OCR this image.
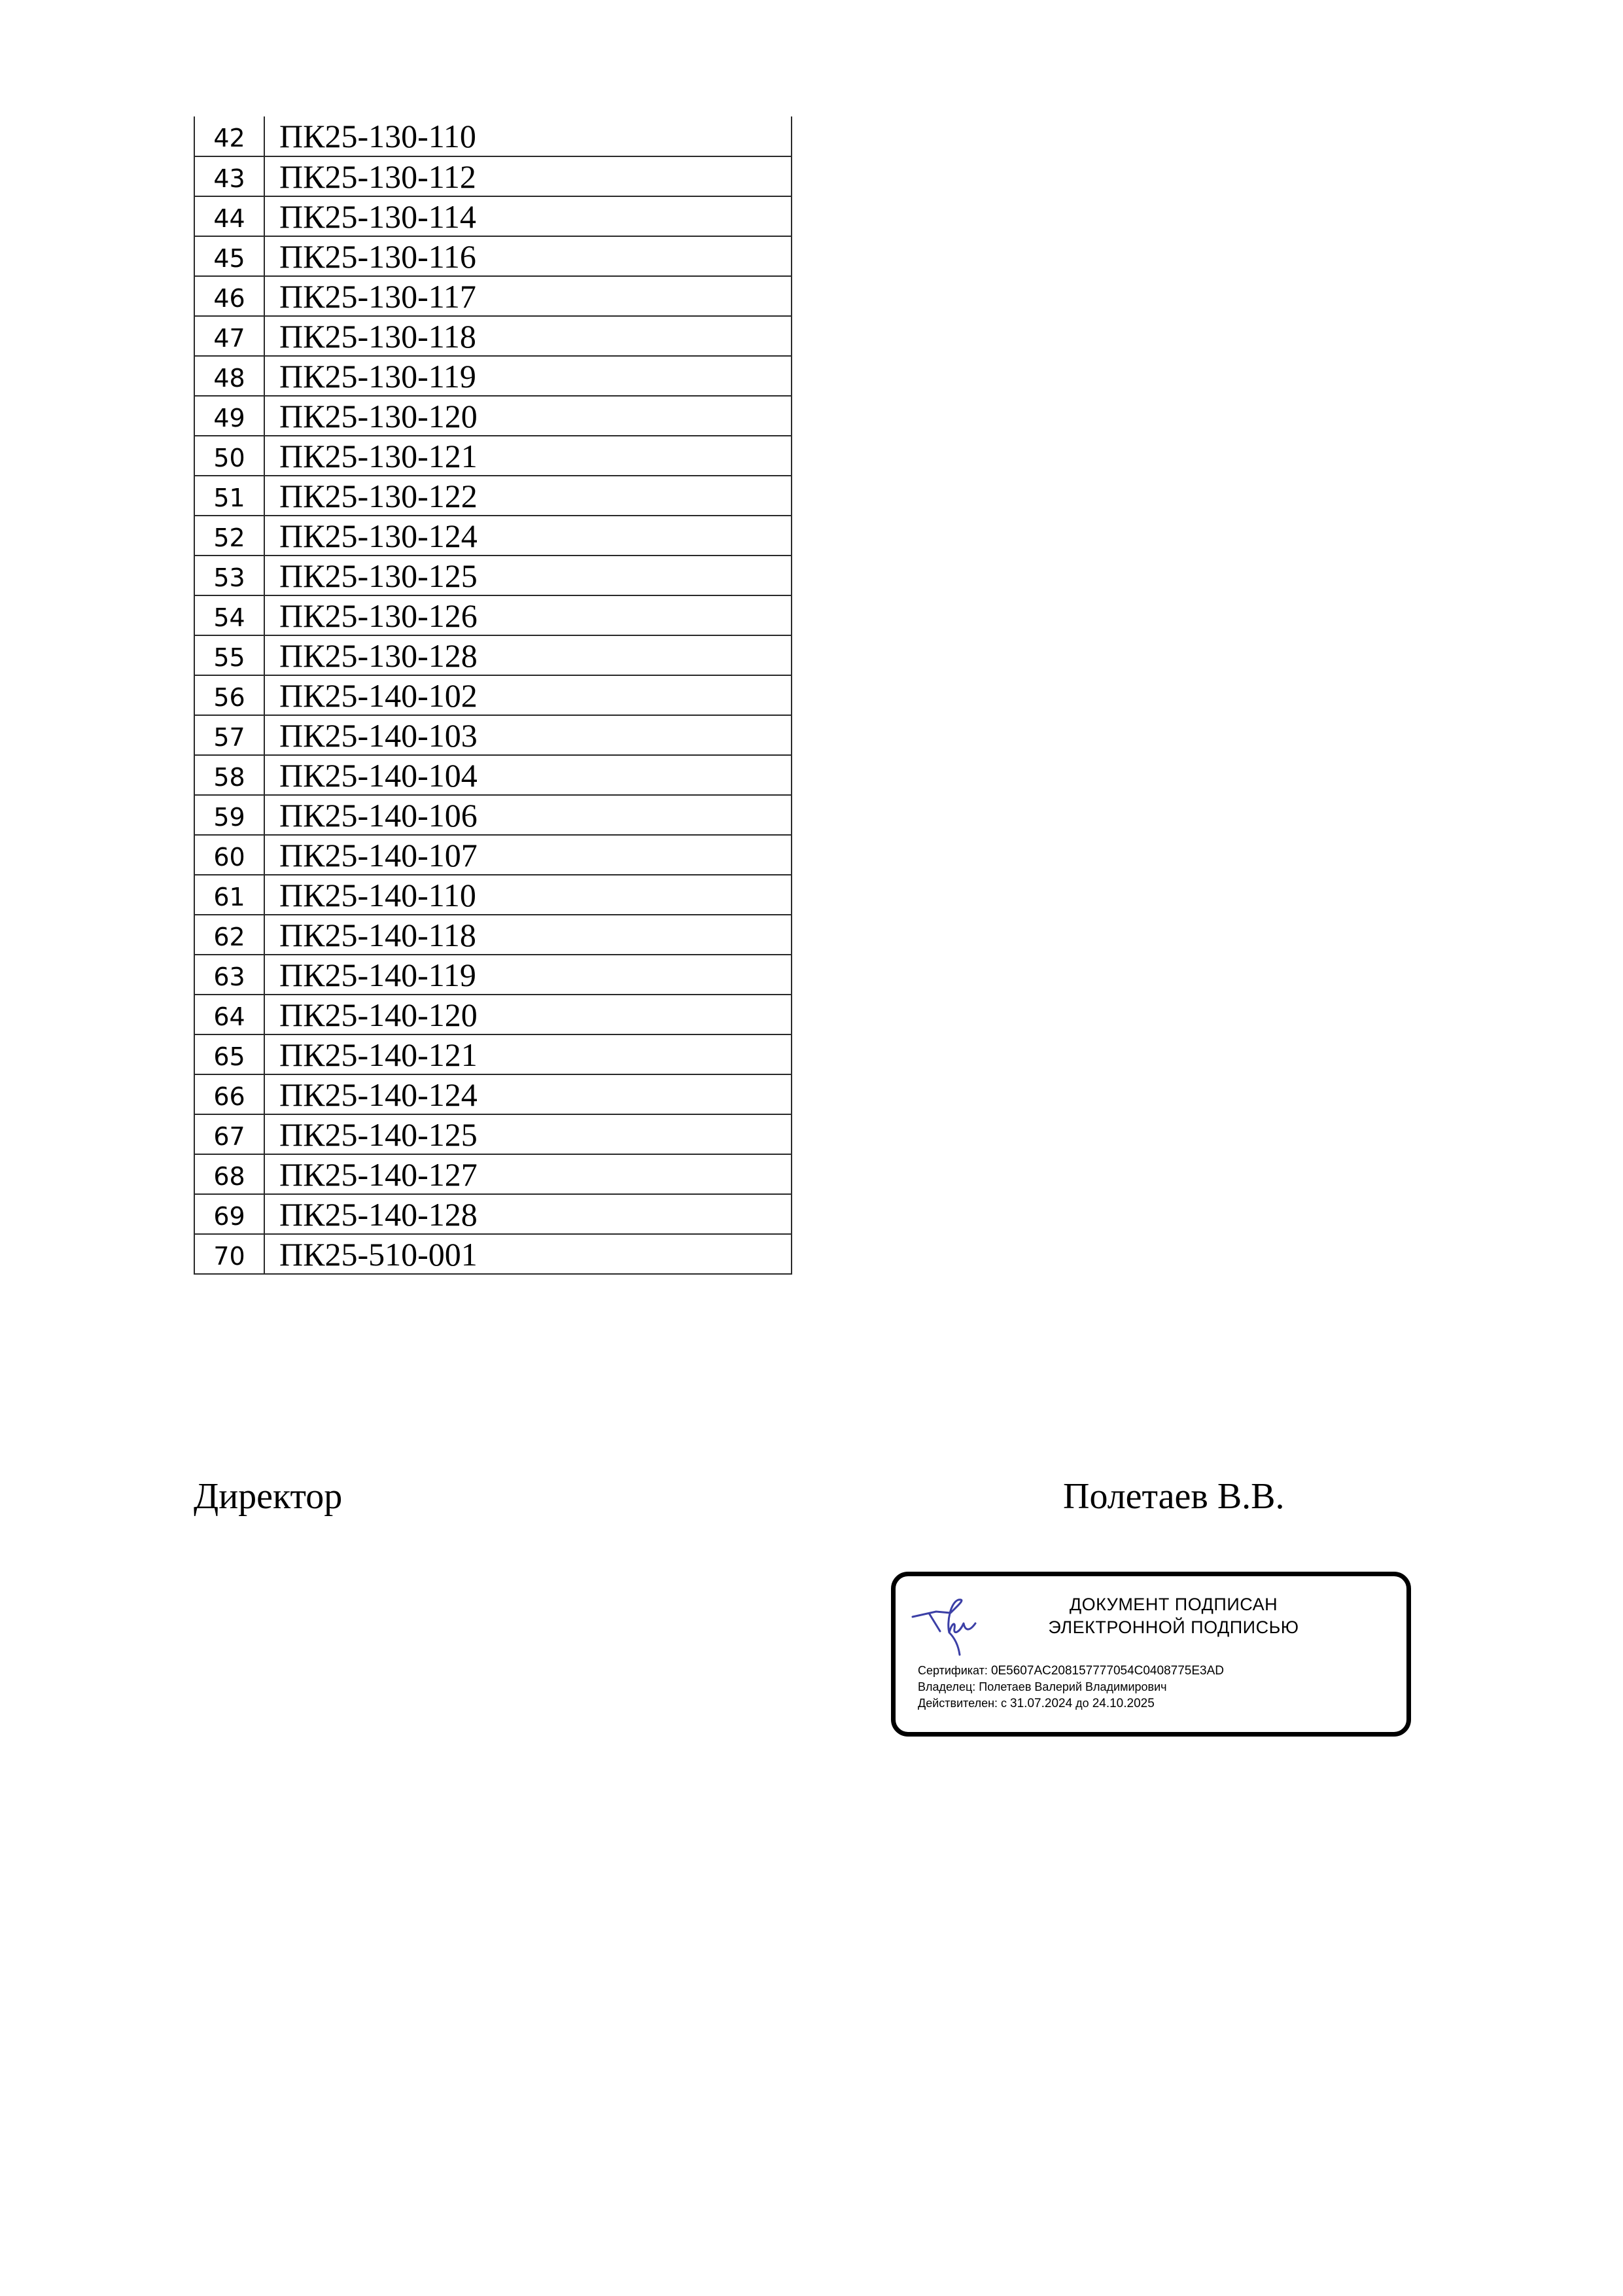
42	ПК25-130-110
43	ПК25-130-112
44	ПК25-130-114
45	ПК25-130-116
46	ПК25-130-117
47	ПК25-130-118
48	ПК25-130-119
49	ПК25-130-120
50	ПК25-130-121
51	ПК25-130-122
52	ПК25-130-124
53	ПК25-130-125
54	ПК25-130-126
55	ПК25-130-128
56	ПК25-140-102
57	ПК25-140-103
58	ПК25-140-104
59	ПК25-140-106
60	ПК25-140-107
61	ПК25-140-110
62	ПК25-140-118
63	ПК25-140-119
64	ПК25-140-120
65	ПК25-140-121
66	ПК25-140-124
67	ПК25-140-125
68	ПК25-140-127
69	ПК25-140-128
70	ПК25-510-001
Директор	Полетаев В.В.
ДОКУМЕНТ ПОДПИСАН
ЭЛЕКТРОННОЙ ПОДПИСЬЮ
Сертификат: 0E5607AC208157777054C0408775E3AD
Владелец: Полетаев Валерий Владимирович
Действителен: с 31.07.2024 до 24.10.2025
